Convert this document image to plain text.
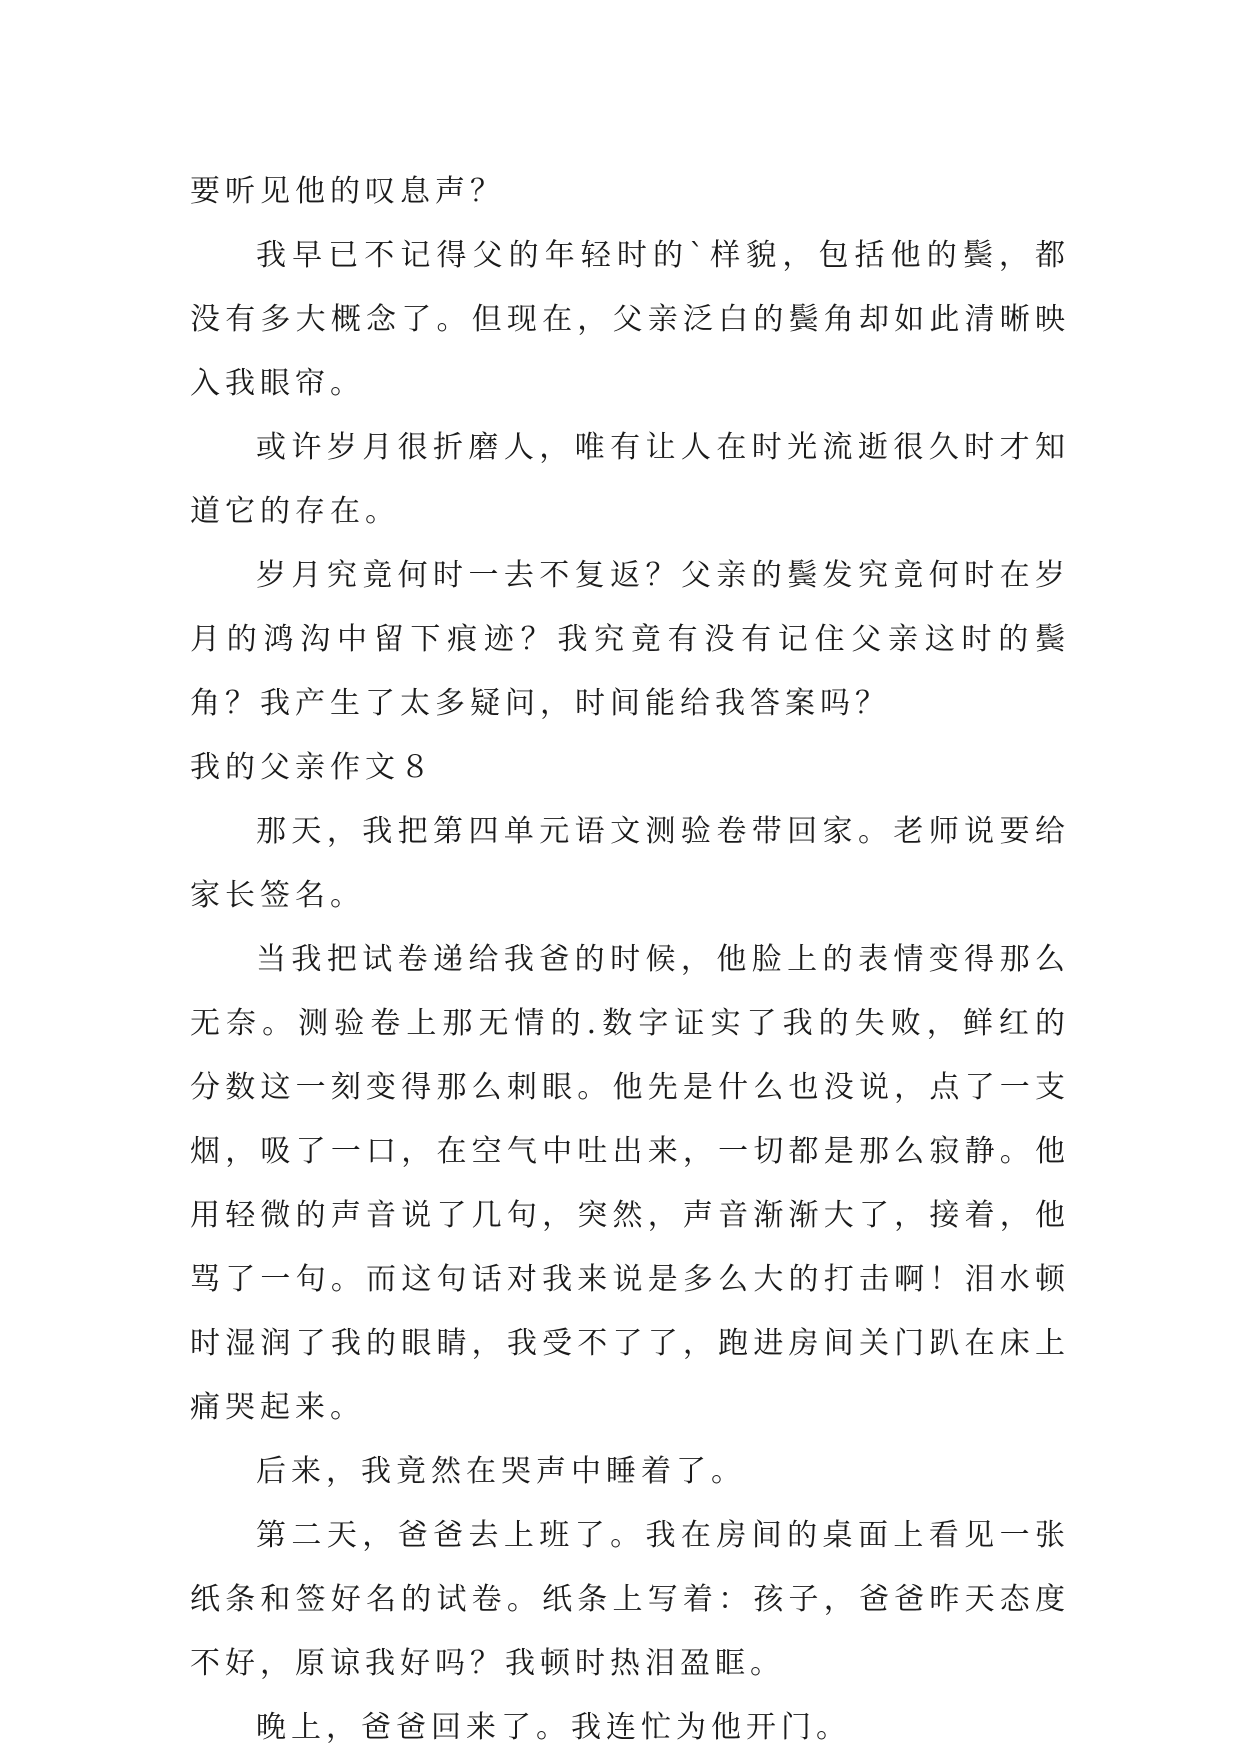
要听见他的叹息声？

我早已不记得父的年轻时的`样貌，包括他的鬓，都没有多大概念了。但现在，父亲泛白的鬓角却如此清晰映入我眼帘。

或许岁月很折磨人，唯有让人在时光流逝很久时才知道它的存在。

岁月究竟何时一去不复返？父亲的鬓发究竟何时在岁月的鸿沟中留下痕迹？我究竟有没有记住父亲这时的鬓角？我产生了太多疑问，时间能给我答案吗？

我的父亲作文８

那天，我把第四单元语文测验卷带回家。老师说要给家长签名。

当我把试卷递给我爸的时候，他脸上的表情变得那么无奈。测验卷上那无情的.数字证实了我的失败，鲜红的分数这一刻变得那么刺眼。他先是什么也没说，点了一支烟，吸了一口，在空气中吐出来，一切都是那么寂静。他用轻微的声音说了几句，突然，声音渐渐大了，接着，他骂了一句。而这句话对我来说是多么大的打击啊！泪水顿时湿润了我的眼睛，我受不了了，跑进房间关门趴在床上痛哭起来。

后来，我竟然在哭声中睡着了。

第二天，爸爸去上班了。我在房间的桌面上看见一张纸条和签好名的试卷。纸条上写着：孩子，爸爸昨天态度不好，原谅我好吗？我顿时热泪盈眶。

晚上，爸爸回来了。我连忙为他开门。
